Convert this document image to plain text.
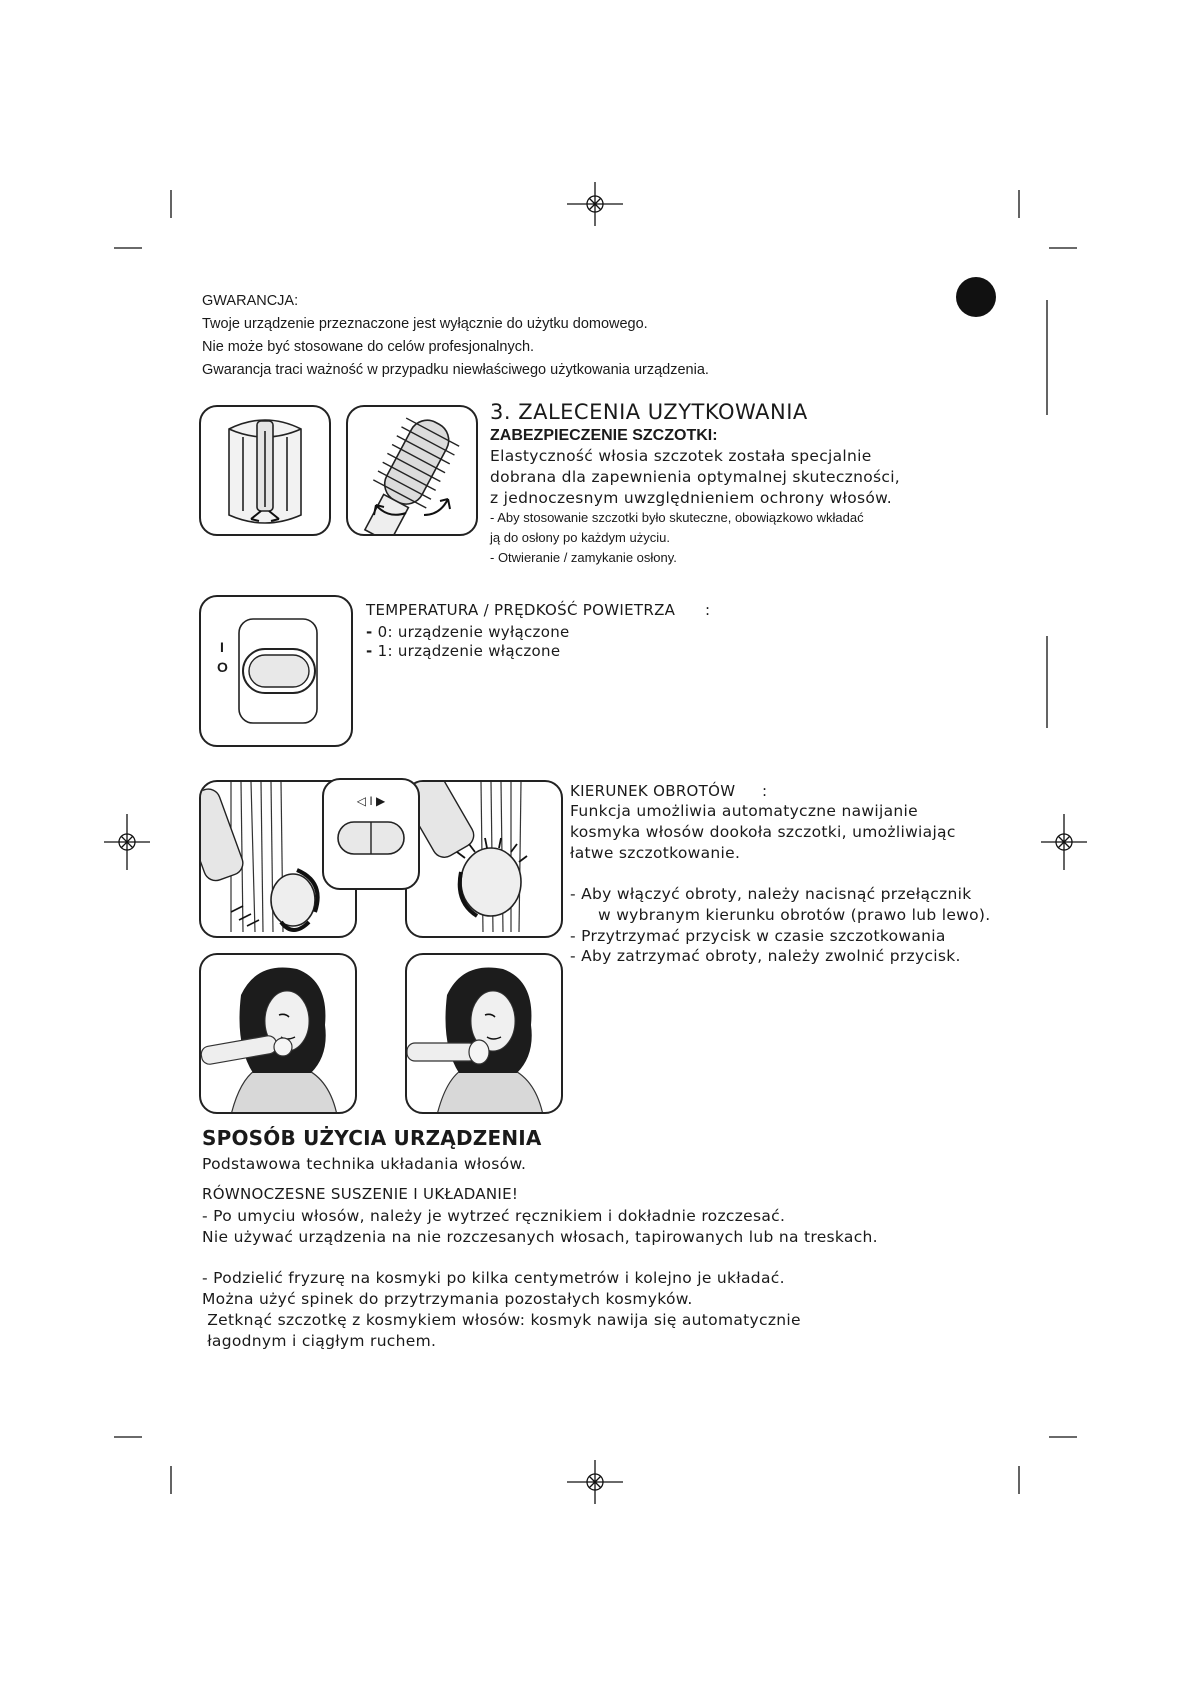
GWARANCJA:
Twoje urządzenie przeznaczone jest wyłącznie do użytku domowego.
Nie może być stosowane do celów profesjonalnych.
Gwarancja traci ważność w przypadku niewłaściwego użytkowania urządzenia.
3. ZALECENIA UZYTKOWANIA
ZABEZPIECZENIE SZCZOTKI:
Elastyczność włosia szczotek została specjalnie
dobrana dla zapewnienia optymalnej skuteczności,
z jednoczesnym uwzględnieniem ochrony włosów.
- Aby stosowanie szczotki było skuteczne, obowiązkowo wkładać
ją do osłony po każdym użyciu.
- Otwieranie / zamykanie osłony.
I
O
TEMPERATURA / PRĘDKOŚĆ POWIETRZA :
- 0: urządzenie wyłączone
- 1: urządzenie włączone
◁ I ▶
KIERUNEK OBROTÓW :
Funkcja umożliwia automatyczne nawijanie
kosmyka włosów dookoła szczotki, umożliwiając
łatwe szczotkowanie.
- Aby włączyć obroty, należy nacisnąć przełącznik
w wybranym kierunku obrotów (prawo lub lewo).
- Przytrzymać przycisk w czasie szczotkowania
- Aby zatrzymać obroty, należy zwolnić przycisk.
SPOSÓB UŻYCIA URZĄDZENIA
Podstawowa technika układania włosów.
RÓWNOCZESNE SUSZENIE I UKŁADANIE!
- Po umyciu włosów, należy je wytrzeć ręcznikiem i dokładnie rozczesać.
Nie używać urządzenia na nie rozczesanych włosach, tapirowanych lub na treskach.
- Podzielić fryzurę na kosmyki po kilka centymetrów i kolejno je układać.
Można użyć spinek do przytrzymania pozostałych kosmyków.
Zetknąć szczotkę z kosmykiem włosów: kosmyk nawija się automatycznie
łagodnym i ciągłym ruchem.
